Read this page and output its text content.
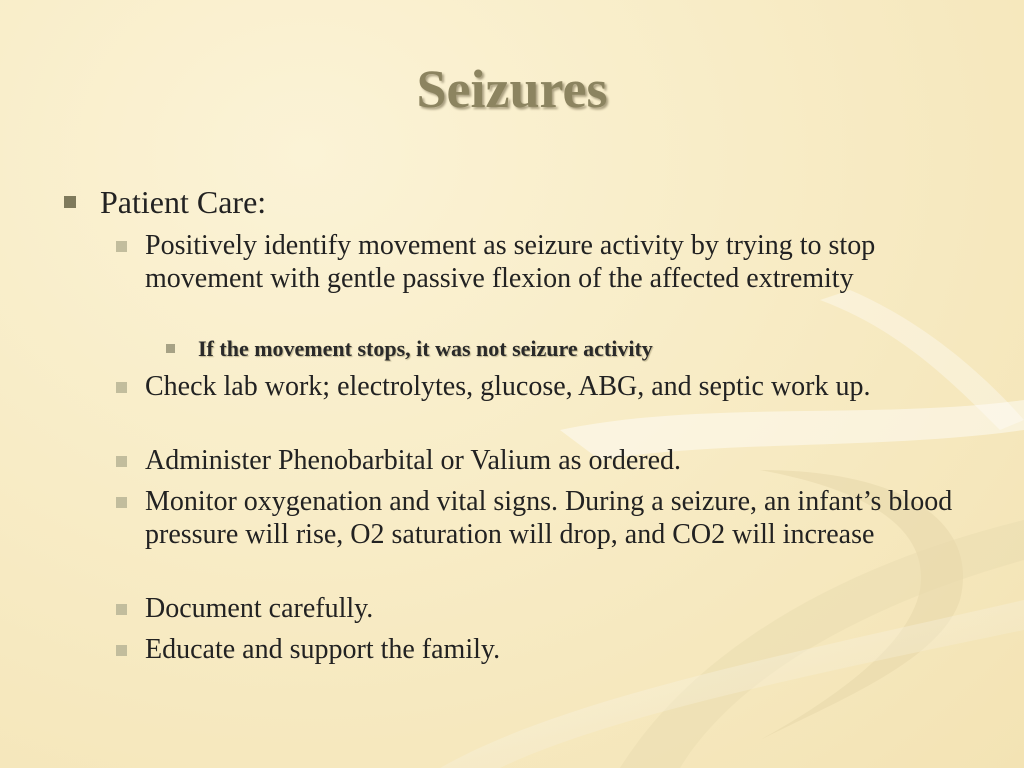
Seizures
Patient Care:
Positively identify movement as seizure activity by trying to stop movement with gentle passive flexion of the affected extremity
If the movement stops, it was not seizure activity
Check lab work; electrolytes, glucose, ABG, and septic work up.
Administer Phenobarbital or Valium as ordered.
Monitor oxygenation and vital signs. During a seizure, an infant’s blood pressure will rise, O2 saturation will drop, and CO2 will increase
Document carefully.
Educate and support the family.
